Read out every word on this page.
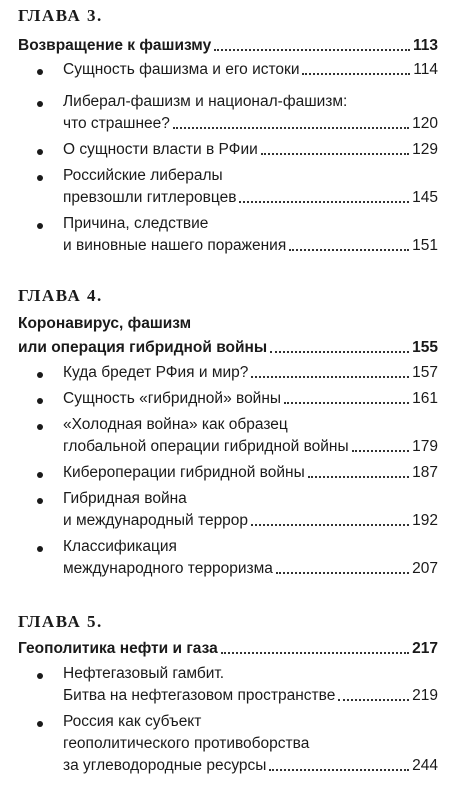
ГЛАВА 3.
Возвращение к фашизму	113
Сущность фашизма и его истоки	114
Либерал-фашизм и национал-фашизм:
что страшнее?	120
О сущности власти в РФии	129
Российские либералы
превзошли гитлеровцев	145
Причина, следствие
и виновные нашего поражения	151
ГЛАВА 4.
Коронавирус, фашизм
или операция гибридной войны	155
Куда бредет РФия и мир?	157
Сущность «гибридной» войны	161
«Холодная война» как образец
глобальной операции гибридной войны	179
Кибероперации гибридной войны	187
Гибридная война
и международный террор	192
Классификация
международного терроризма	207
ГЛАВА 5.
Геополитика нефти и газа	217
Нефтегазовый гамбит.
Битва на нефтегазовом пространстве	219
Россия как субъект
геополитического противоборства
за углеводородные ресурсы	244
